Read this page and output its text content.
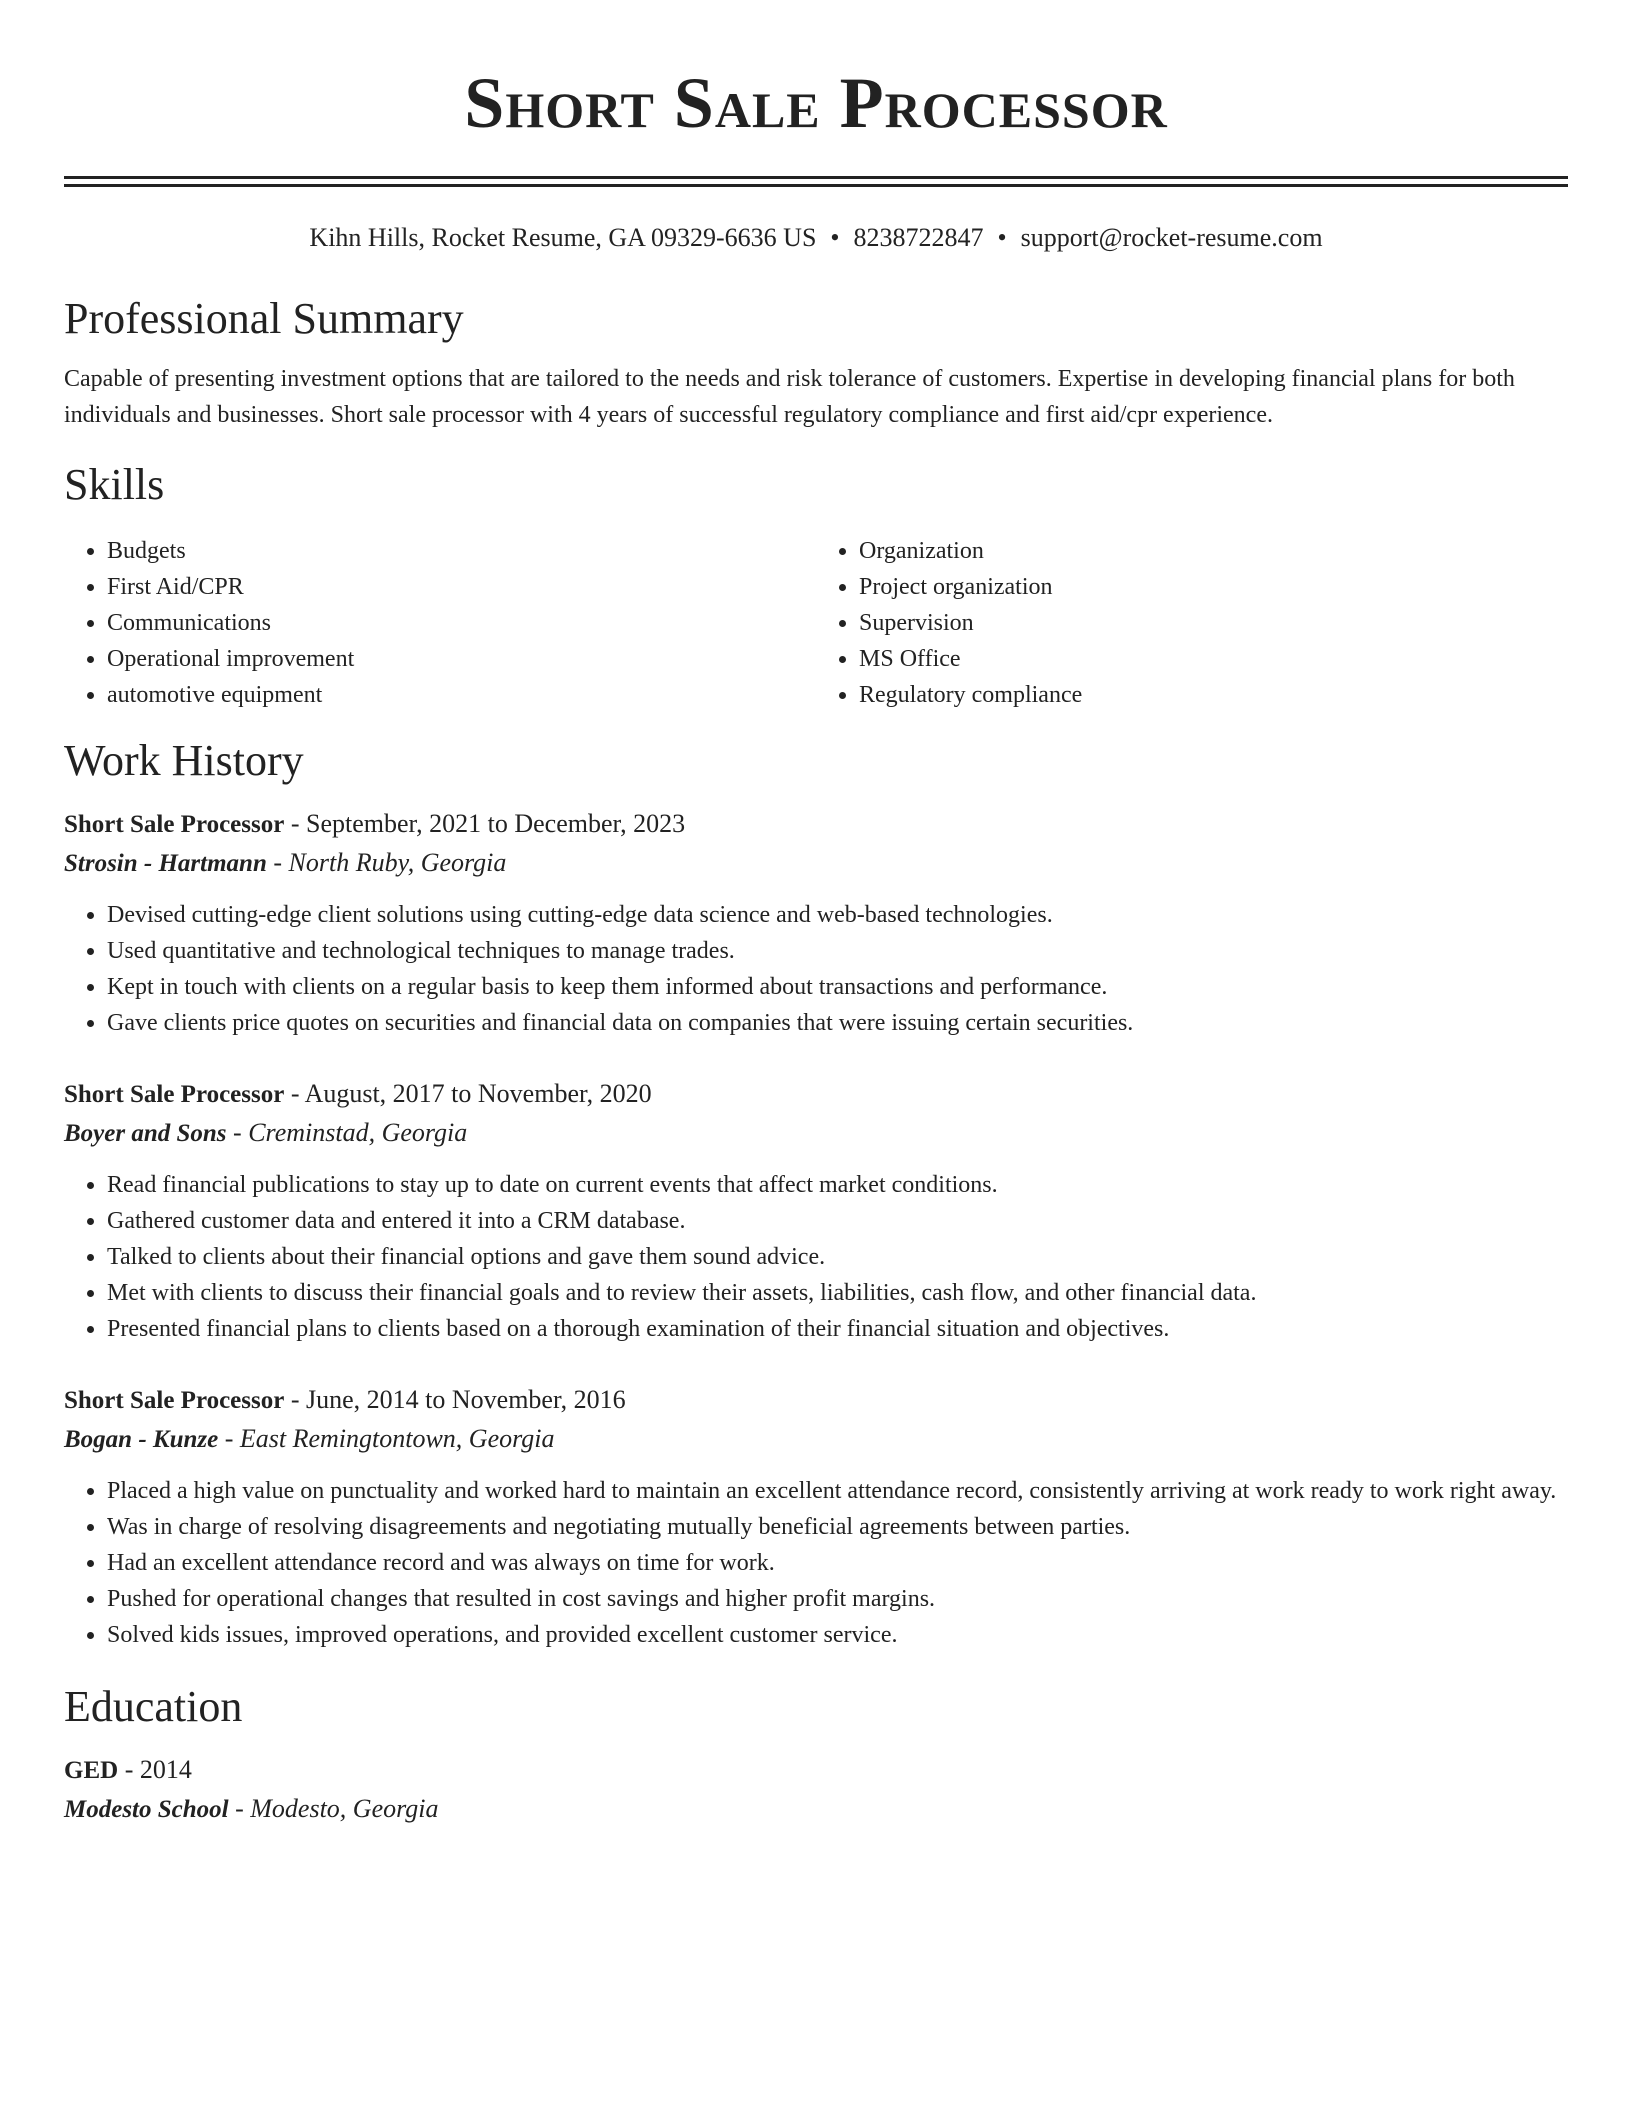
Short Sale Processor
Kihn Hills, Rocket Resume, GA 09329-6636 US • 8238722847 • support@rocket-resume.com
Professional Summary

Capable of presenting investment options that are tailored to the needs and risk tolerance of customers. Expertise in developing financial plans for both individuals and businesses. Short sale processor with 4 years of successful regulatory compliance and first aid/cpr experience.

Skills
• Budgets
• First Aid/CPR
• Communications
• Operational improvement
• automotive equipment
• Organization
• Project organization
• Supervision
• MS Office
• Regulatory compliance
Work History
Short Sale Processor - September, 2021 to December, 2023
Strosin - Hartmann - North Ruby, Georgia
• Devised cutting-edge client solutions using cutting-edge data science and web-based technologies.
• Used quantitative and technological techniques to manage trades.
• Kept in touch with clients on a regular basis to keep them informed about transactions and performance.
• Gave clients price quotes on securities and financial data on companies that were issuing certain securities.
Short Sale Processor - August, 2017 to November, 2020
Boyer and Sons - Creminstad, Georgia
• Read financial publications to stay up to date on current events that affect market conditions.
• Gathered customer data and entered it into a CRM database.
• Talked to clients about their financial options and gave them sound advice.
• Met with clients to discuss their financial goals and to review their assets, liabilities, cash flow, and other financial data.
• Presented financial plans to clients based on a thorough examination of their financial situation and objectives.
Short Sale Processor - June, 2014 to November, 2016
Bogan - Kunze - East Remingtontown, Georgia
• Placed a high value on punctuality and worked hard to maintain an excellent attendance record, consistently arriving at work ready to work right away.
• Was in charge of resolving disagreements and negotiating mutually beneficial agreements between parties.
• Had an excellent attendance record and was always on time for work.
• Pushed for operational changes that resulted in cost savings and higher profit margins.
• Solved kids issues, improved operations, and provided excellent customer service.
Education
GED - 2014
Modesto School - Modesto, Georgia
